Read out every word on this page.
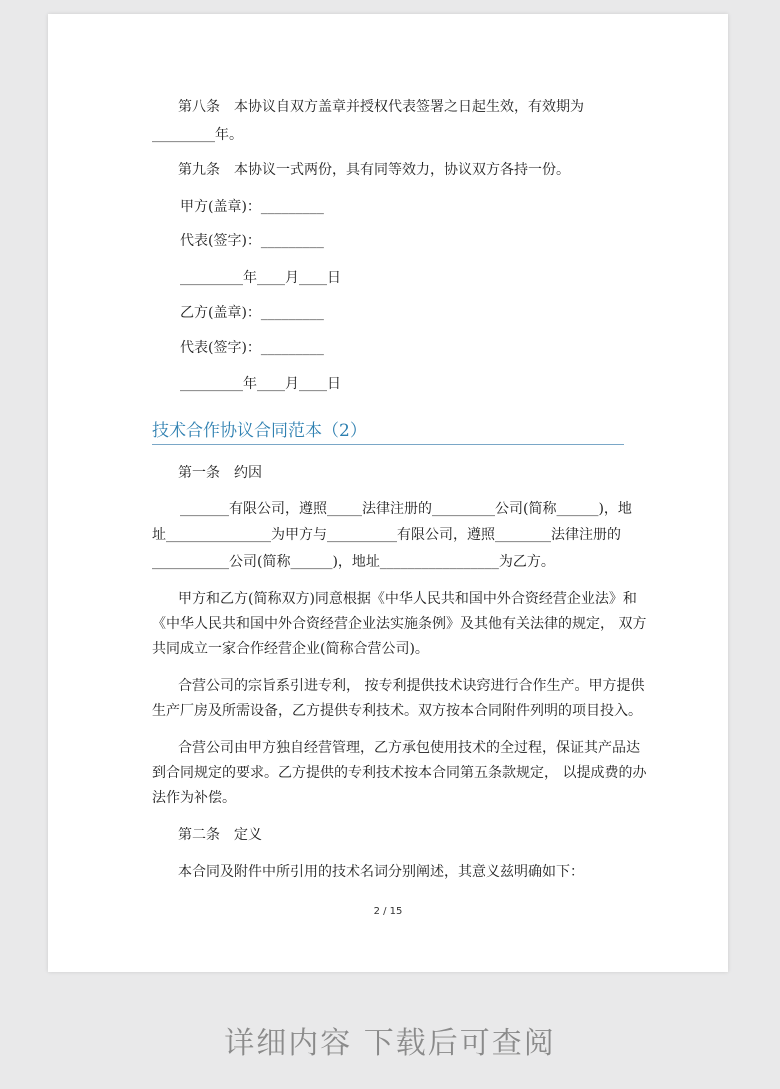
第八条　本协议自双方盖章并授权代表签署之日起生效，有效期为
_________年。
第九条　本协议一式两份，具有同等效力，协议双方各持一份。
甲方(盖章)：_________
代表(签字)：_________
_________年____月____日
乙方(盖章)：_________
代表(签字)：_________
_________年____月____日
技术合作协议合同范本（2）
第一条　约因
_______有限公司，遵照_____法律注册的_________公司(简称______)，地
址_______________为甲方与__________有限公司，遵照________法律注册的
___________公司(简称______)，地址_________________为乙方。
甲方和乙方(简称双方)同意根据《中华人民共和国中外合资经营企业法》和
《中华人民共和国中外合资经营企业法实施条例》及其他有关法律的规定， 双方
共同成立一家合作经营企业(简称合营公司)。
合营公司的宗旨系引进专利， 按专利提供技术诀窍进行合作生产。甲方提供
生产厂房及所需设备，乙方提供专利技术。双方按本合同附件列明的项目投入。
合营公司由甲方独自经营管理，乙方承包使用技术的全过程，保证其产品达
到合同规定的要求。乙方提供的专利技术按本合同第五条款规定， 以提成费的办
法作为补偿。
第二条　定义
本合同及附件中所引用的技术名词分别阐述，其意义兹明确如下：
2 / 15
详细内容 下载后可查阅
